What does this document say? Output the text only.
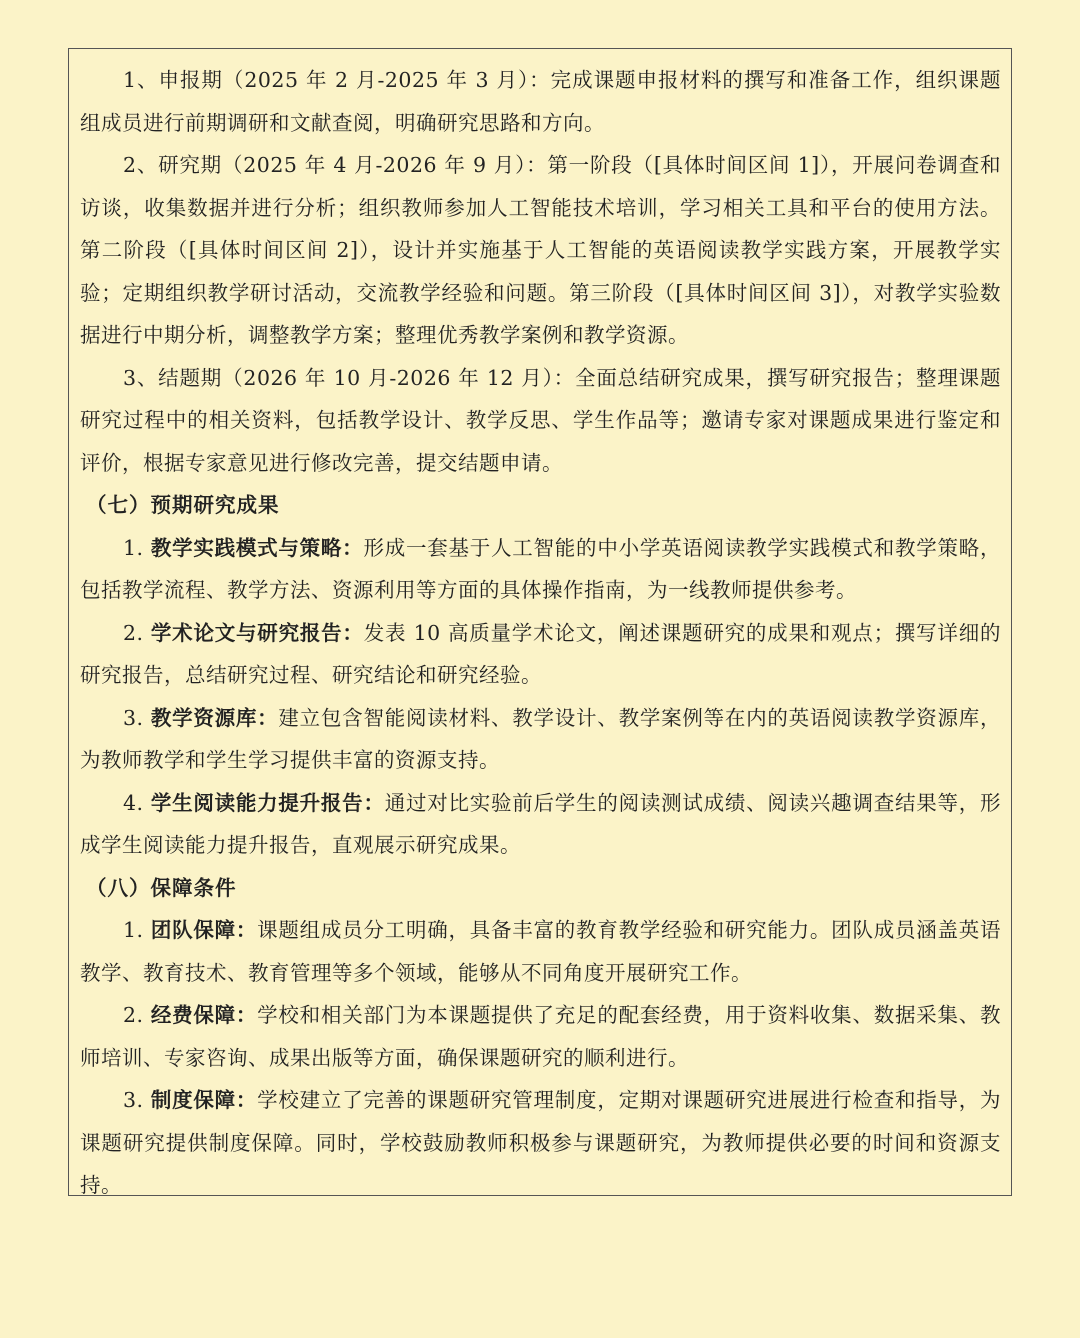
1、申报期（2025 年 2 月-2025 年 3 月）：完成课题申报材料的撰写和准备工作，组织课题组成员进行前期调研和文献查阅，明确研究思路和方向。

2、研究期（2025 年 4 月-2026 年 9 月）：第一阶段（[具体时间区间 1]），开展问卷调查和访谈，收集数据并进行分析；组织教师参加人工智能技术培训，学习相关工具和平台的使用方法。第二阶段（[具体时间区间 2]），设计并实施基于人工智能的英语阅读教学实践方案，开展教学实验；定期组织教学研讨活动，交流教学经验和问题。第三阶段（[具体时间区间 3]），对教学实验数据进行中期分析，调整教学方案；整理优秀教学案例和教学资源。

3、结题期（2026 年 10 月-2026 年 12 月）：全面总结研究成果，撰写研究报告；整理课题研究过程中的相关资料，包括教学设计、教学反思、学生作品等；邀请专家对课题成果进行鉴定和评价，根据专家意见进行修改完善，提交结题申请。

（七）预期研究成果

1. 教学实践模式与策略：形成一套基于人工智能的中小学英语阅读教学实践模式和教学策略，包括教学流程、教学方法、资源利用等方面的具体操作指南，为一线教师提供参考。

2. 学术论文与研究报告：发表 10 高质量学术论文，阐述课题研究的成果和观点；撰写详细的研究报告，总结研究过程、研究结论和研究经验。

3. 教学资源库：建立包含智能阅读材料、教学设计、教学案例等在内的英语阅读教学资源库，为教师教学和学生学习提供丰富的资源支持。

4. 学生阅读能力提升报告：通过对比实验前后学生的阅读测试成绩、阅读兴趣调查结果等，形成学生阅读能力提升报告，直观展示研究成果。

（八）保障条件

1. 团队保障：课题组成员分工明确，具备丰富的教育教学经验和研究能力。团队成员涵盖英语教学、教育技术、教育管理等多个领域，能够从不同角度开展研究工作。

2. 经费保障：学校和相关部门为本课题提供了充足的配套经费，用于资料收集、数据采集、教师培训、专家咨询、成果出版等方面，确保课题研究的顺利进行。

3. 制度保障：学校建立了完善的课题研究管理制度，定期对课题研究进展进行检查和指导，为课题研究提供制度保障。同时，学校鼓励教师积极参与课题研究，为教师提供必要的时间和资源支持。
